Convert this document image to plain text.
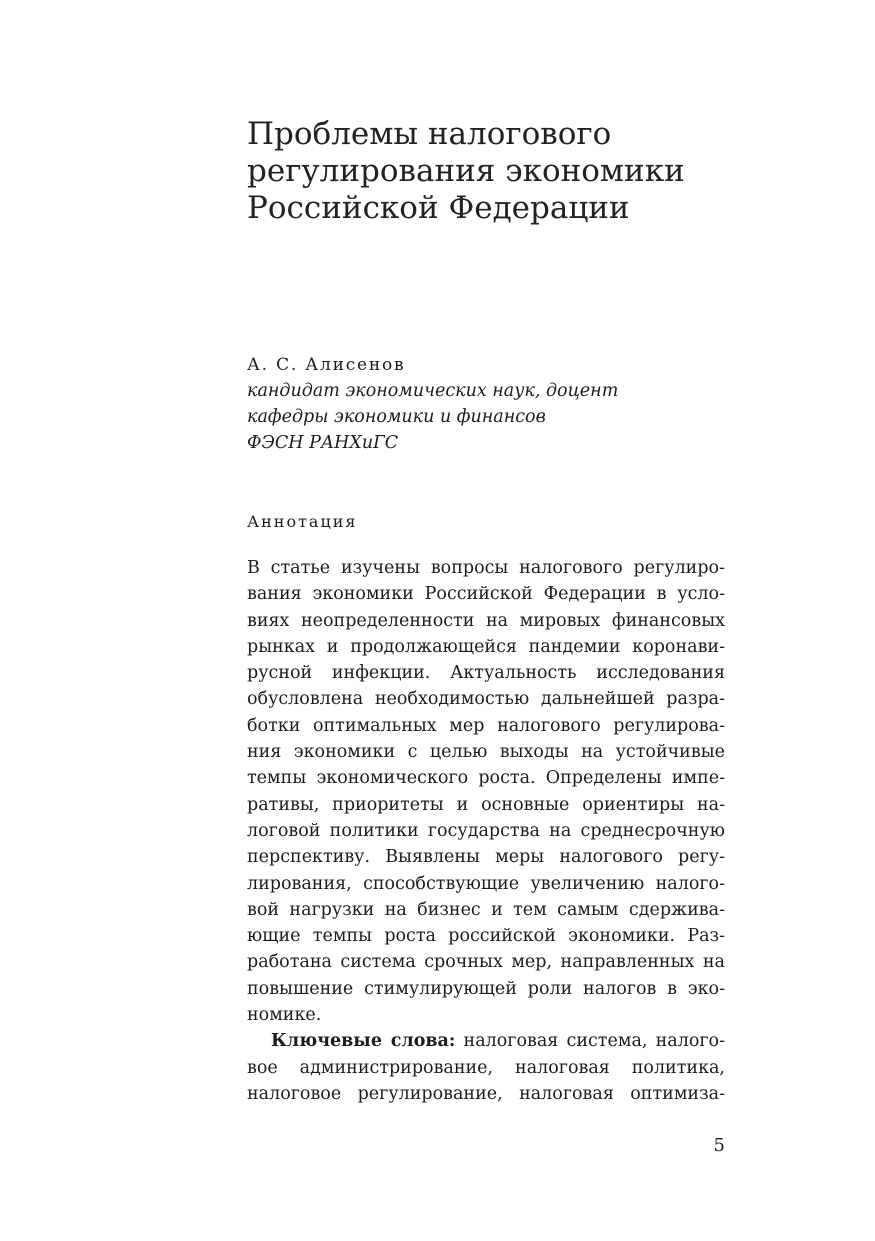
Проблемы налогового
регулирования экономики
Российской Федерации
А. С. Алисенов
кандидат экономических наук, доцент
кафедры экономики и финансов
ФЭСН РАНХиГС
Аннотация
В статье изучены вопросы налогового регулиро-
вания экономики Российской Федерации в усло-
виях неопределенности на мировых финансовых
рынках и продолжающейся пандемии коронави-
русной инфекции. Актуальность исследования
обусловлена необходимостью дальнейшей разра-
ботки оптимальных мер налогового регулирова-
ния экономики с целью выходы на устойчивые
темпы экономического роста. Определены импе-
ративы, приоритеты и основные ориентиры на-
логовой политики государства на среднесрочную
перспективу. Выявлены меры налогового регу-
лирования, способствующие увеличению налого-
вой нагрузки на бизнес и тем самым сдержива-
ющие темпы роста российской экономики. Раз-
работана система срочных мер, направленных на
повышение стимулирующей роли налогов в эко-
номике.
Ключевые слова: налоговая система, налого-
вое администрирование, налоговая политика,
налоговое регулирование, налоговая оптимиза-
5
